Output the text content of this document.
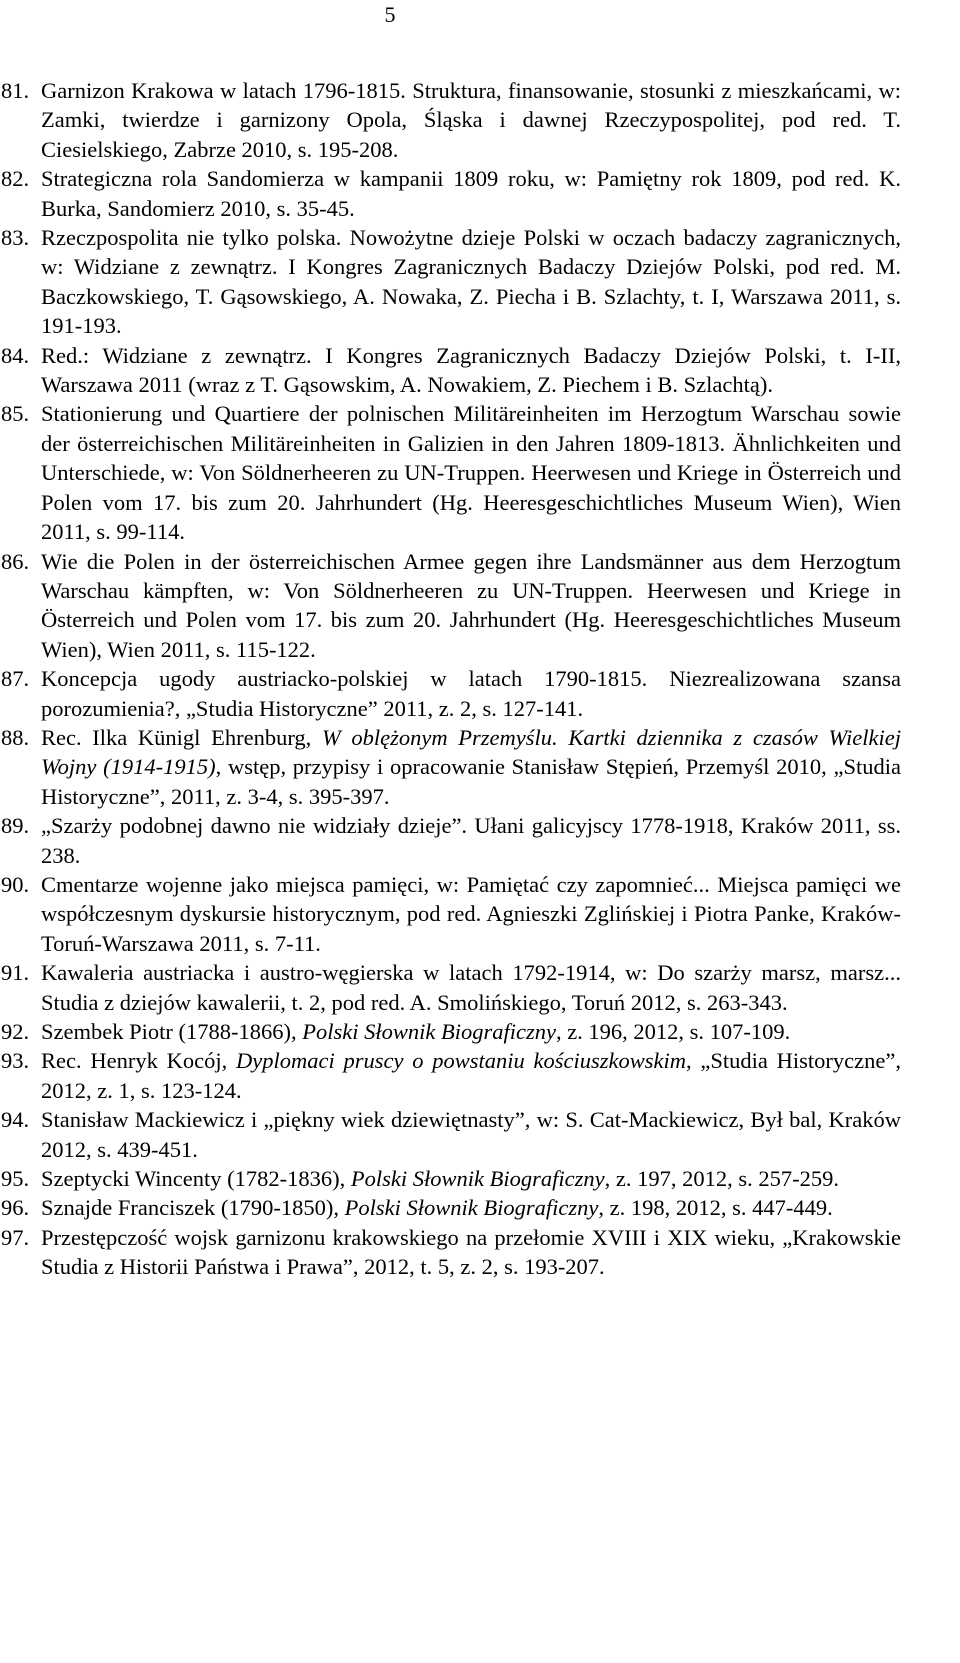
5
81. Garnizon Krakowa w latach 1796-1815. Struktura, finansowanie, stosunki z mieszkańcami, w: Zamki, twierdze i garnizony Opola, Śląska i dawnej Rzeczypospolitej, pod red. T. Ciesielskiego, Zabrze 2010, s. 195-208.
82. Strategiczna rola Sandomierza w kampanii 1809 roku, w: Pamiętny rok 1809, pod red. K. Burka, Sandomierz 2010, s. 35-45.
83. Rzeczpospolita nie tylko polska. Nowożytne dzieje Polski w oczach badaczy zagranicznych, w: Widziane z zewnątrz. I Kongres Zagranicznych Badaczy Dziejów Polski, pod red. M. Baczkowskiego, T. Gąsowskiego, A. Nowaka, Z. Piecha i B. Szlachty, t. I, Warszawa 2011, s. 191-193.
84. Red.: Widziane z zewnątrz. I Kongres Zagranicznych Badaczy Dziejów Polski, t. I-II, Warszawa 2011 (wraz z T. Gąsowskim, A. Nowakiem, Z. Piechem i B. Szlachtą).
85. Stationierung und Quartiere der polnischen Militäreinheiten im Herzogtum Warschau sowie der österreichischen Militäreinheiten in Galizien in den Jahren 1809-1813. Ähnlichkeiten und Unterschiede, w: Von Söldnerheeren zu UN-Truppen. Heerwesen und Kriege in Österreich und Polen vom 17. bis zum 20. Jahrhundert (Hg. Heeresgeschichtliches Museum Wien), Wien 2011, s. 99-114.
86. Wie die Polen in der österreichischen Armee gegen ihre Landsmänner aus dem Herzogtum Warschau kämpften, w: Von Söldnerheeren zu UN-Truppen. Heerwesen und Kriege in Österreich und Polen vom 17. bis zum 20. Jahrhundert (Hg. Heeresgeschichtliches Museum Wien), Wien 2011, s. 115-122.
87. Koncepcja ugody austriacko-polskiej w latach 1790-1815. Niezrealizowana szansa porozumienia?, „Studia Historyczne” 2011, z. 2, s. 127-141.
88. Rec. Ilka Künigl Ehrenburg, W oblężonym Przemyślu. Kartki dziennika z czasów Wielkiej Wojny (1914-1915), wstęp, przypisy i opracowanie Stanisław Stępień, Przemyśl 2010, „Studia Historyczne”, 2011, z. 3-4, s. 395-397.
89. „Szarży podobnej dawno nie widziały dzieje”. Ułani galicyjscy 1778-1918, Kraków 2011, ss. 238.
90. Cmentarze wojenne jako miejsca pamięci, w: Pamiętać czy zapomnieć... Miejsca pamięci we współczesnym dyskursie historycznym, pod red. Agnieszki Zglińskiej i Piotra Panke, Kraków-Toruń-Warszawa 2011, s. 7-11.
91. Kawaleria austriacka i austro-węgierska w latach 1792-1914, w: Do szarży marsz, marsz... Studia z dziejów kawalerii, t. 2, pod red. A. Smolińskiego, Toruń 2012, s. 263-343.
92. Szembek Piotr (1788-1866), Polski Słownik Biograficzny, z. 196, 2012, s. 107-109.
93. Rec. Henryk Kocój, Dyplomaci pruscy o powstaniu kościuszkowskim, „Studia Historyczne”, 2012, z. 1, s. 123-124.
94. Stanisław Mackiewicz i „piękny wiek dziewiętnasty”, w: S. Cat-Mackiewicz, Był bal, Kraków 2012, s. 439-451.
95. Szeptycki Wincenty (1782-1836), Polski Słownik Biograficzny, z. 197, 2012, s. 257-259.
96. Sznajde Franciszek (1790-1850), Polski Słownik Biograficzny, z. 198, 2012, s. 447-449.
97. Przestępczość wojsk garnizonu krakowskiego na przełomie XVIII i XIX wieku, „Krakowskie Studia z Historii Państwa i Prawa”, 2012, t. 5, z. 2, s. 193-207.
